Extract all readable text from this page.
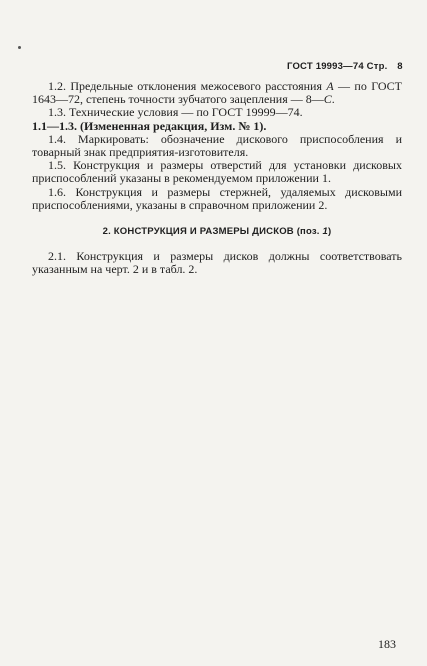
ГОСТ 19993—74 Стр. 8

1.2. Предельные отклонения межосевого расстояния A — по ГОСТ 1643—72, степень точности зубчатого зацепления — 8—С.

1.3. Технические условия — по ГОСТ 19999—74.

1.1—1.3. (Измененная редакция, Изм. № 1).

1.4. Маркировать: обозначение дискового приспособления и товарный знак предприятия-изготовителя.

1.5. Конструкция и размеры отверстий для установки дисковых приспособлений указаны в рекомендуемом приложении 1.

1.6. Конструкция и размеры стержней, удаляемых дисковыми приспособлениями, указаны в справочном приложении 2.

2. КОНСТРУКЦИЯ И РАЗМЕРЫ ДИСКОВ (поз. 1)

2.1. Конструкция и размеры дисков должны соответствовать указанным на черт. 2 и в табл. 2.

183
